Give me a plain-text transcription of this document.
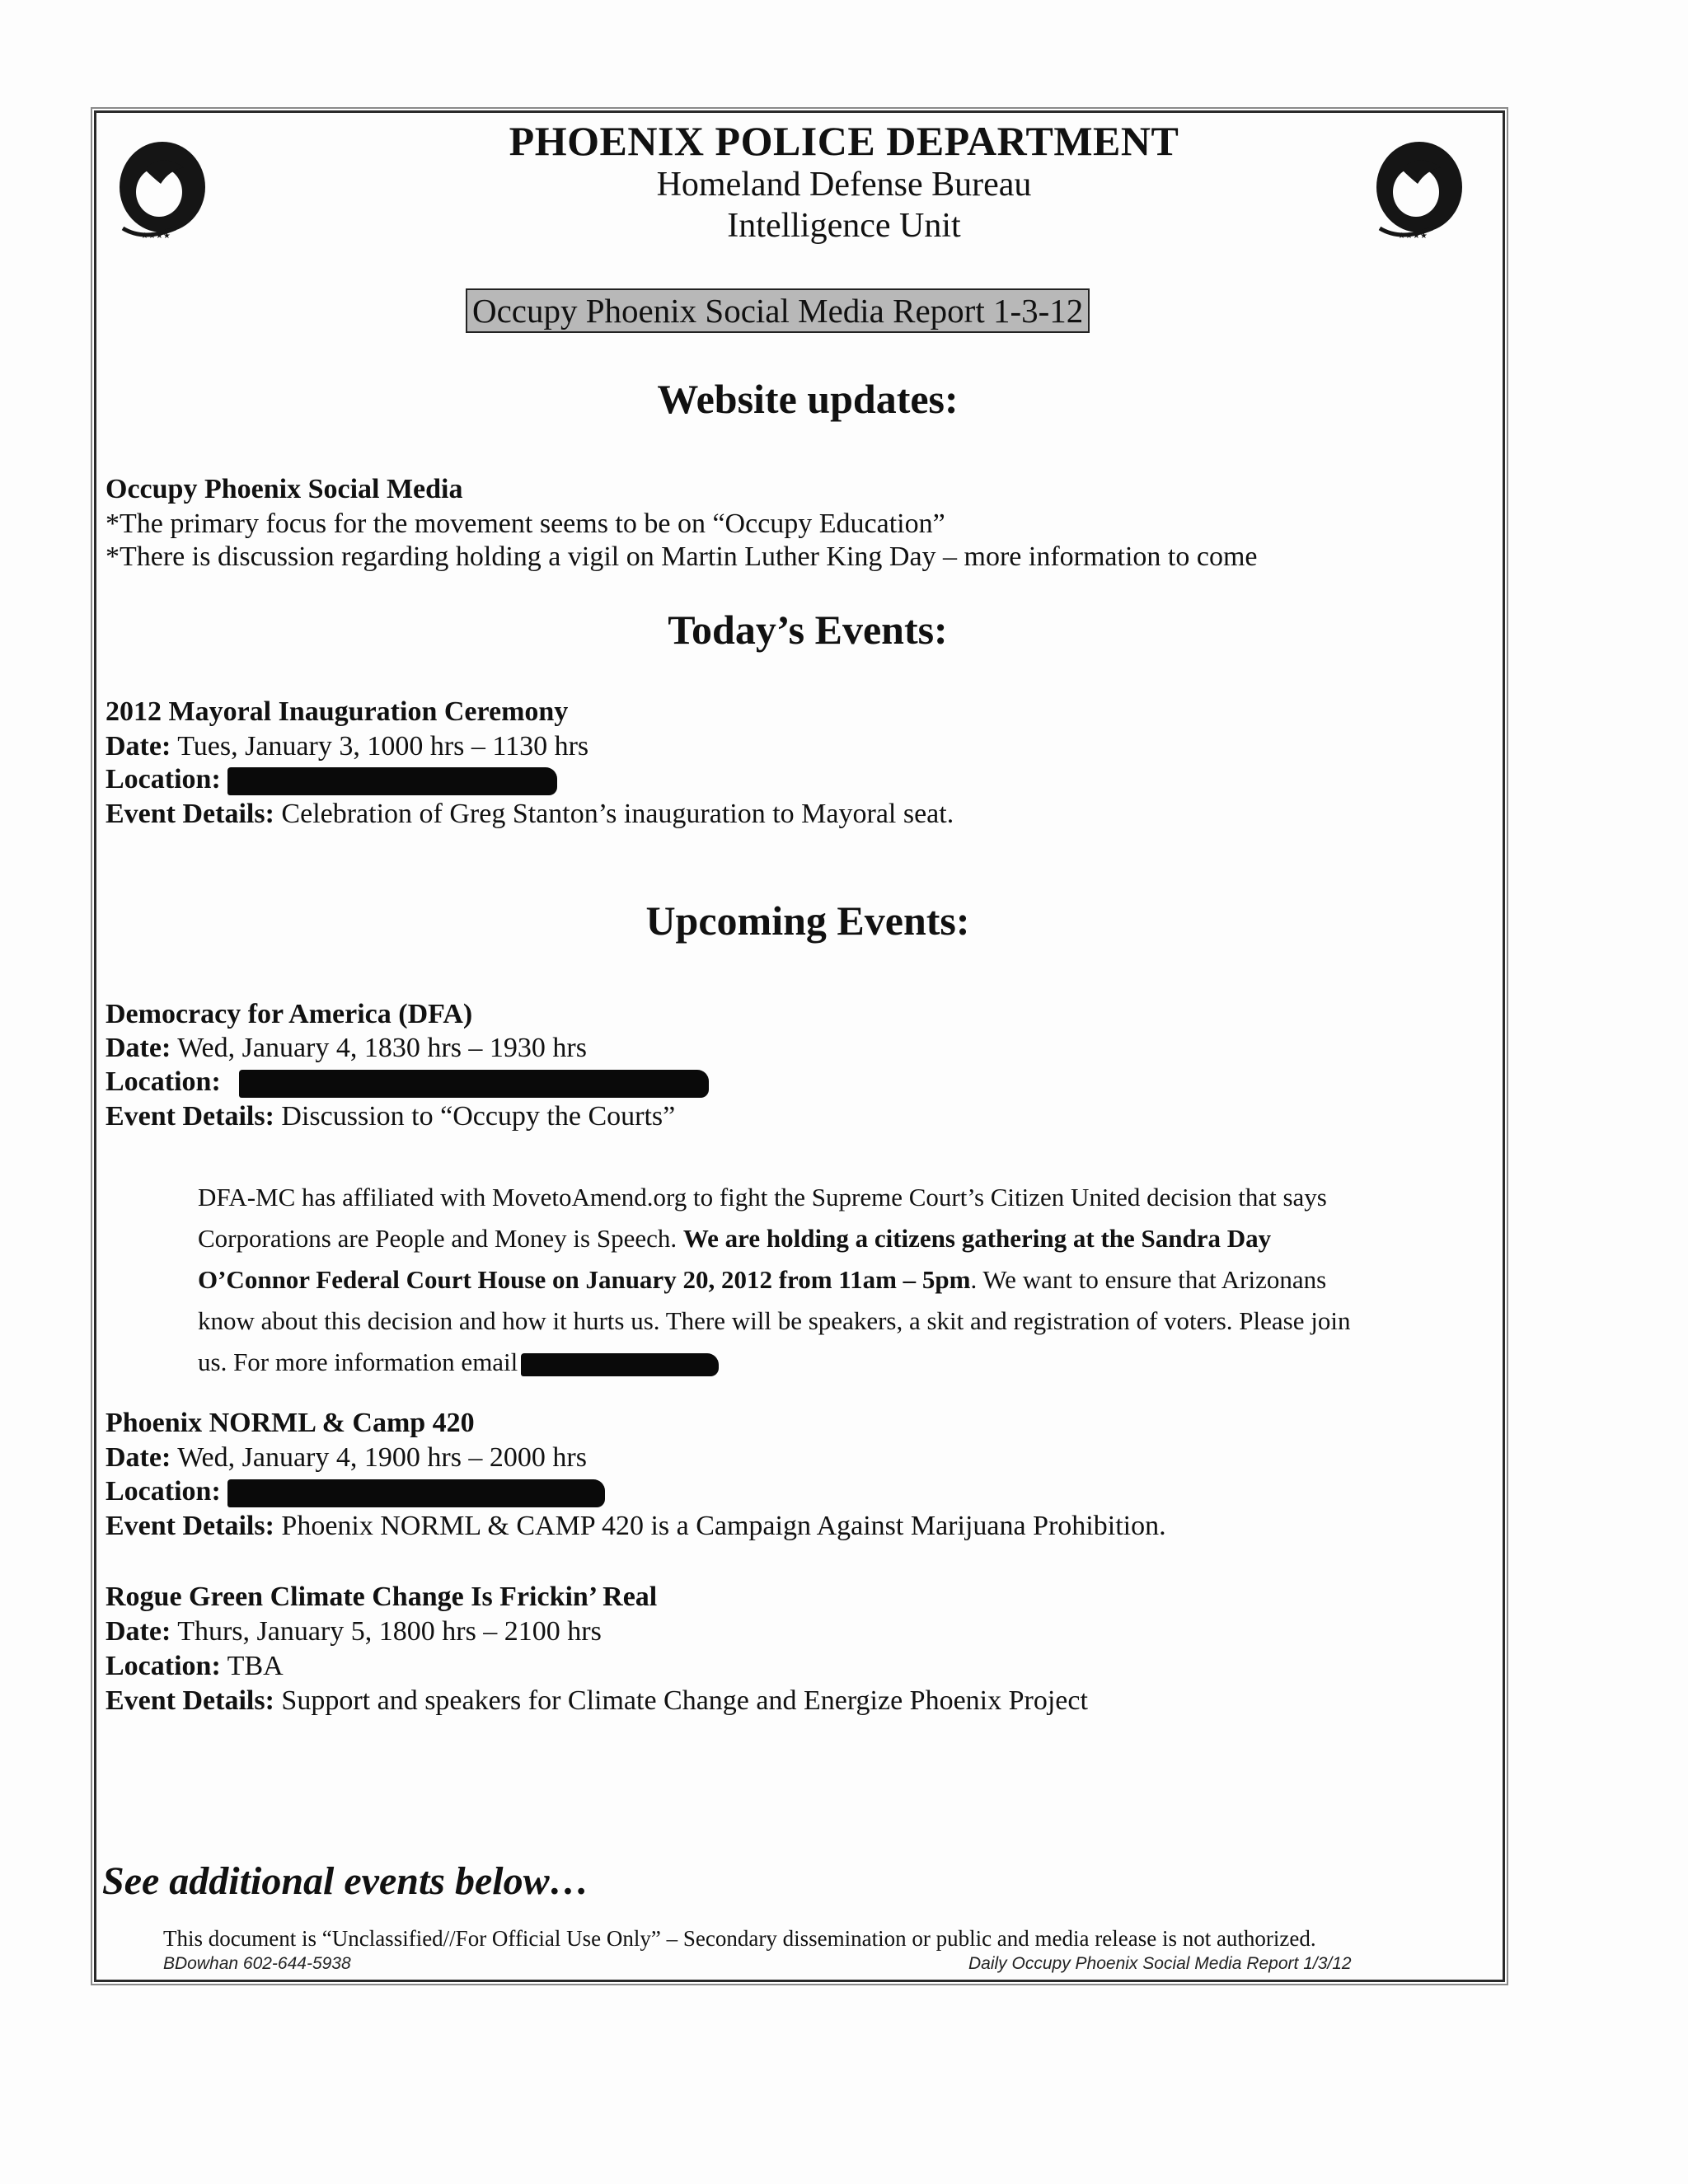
★★★★	★★★★
PHOENIX POLICE DEPARTMENT
Homeland Defense Bureau
Intelligence Unit
Occupy Phoenix Social Media Report 1-3-12
Website updates:
Occupy Phoenix Social Media
*The primary focus for the movement seems to be on “Occupy Education”
*There is discussion regarding holding a vigil on Martin Luther King Day – more information to come
Today’s Events:
2012 Mayoral Inauguration Ceremony
Date: Tues, January 3, 1000 hrs – 1130 hrs
Location:
Event Details: Celebration of Greg Stanton’s inauguration to Mayoral seat.
Upcoming Events:
Democracy for America (DFA)
Date: Wed, January 4, 1830 hrs – 1930 hrs
Location:
Event Details: Discussion to “Occupy the Courts”
DFA-MC has affiliated with MovetoAmend.org to fight the Supreme Court’s Citizen United decision that says Corporations are People and Money is Speech. We are holding a citizens gathering at the Sandra Day O’Connor Federal Court House on January 20, 2012 from 11am – 5pm. We want to ensure that Arizonans know about this decision and how it hurts us. There will be speakers, a skit and registration of voters. Please join us. For more information email
Phoenix NORML & Camp 420
Date: Wed, January 4, 1900 hrs – 2000 hrs
Location:
Event Details: Phoenix NORML & CAMP 420 is a Campaign Against Marijuana Prohibition.
Rogue Green Climate Change Is Frickin’ Real
Date: Thurs, January 5, 1800 hrs – 2100 hrs
Location: TBA
Event Details: Support and speakers for Climate Change and Energize Phoenix Project
See additional events below…
This document is “Unclassified//For Official Use Only” – Secondary dissemination or public and media release is not authorized.
BDowhan 602-644-5938	Daily Occupy Phoenix Social Media Report 1/3/12
